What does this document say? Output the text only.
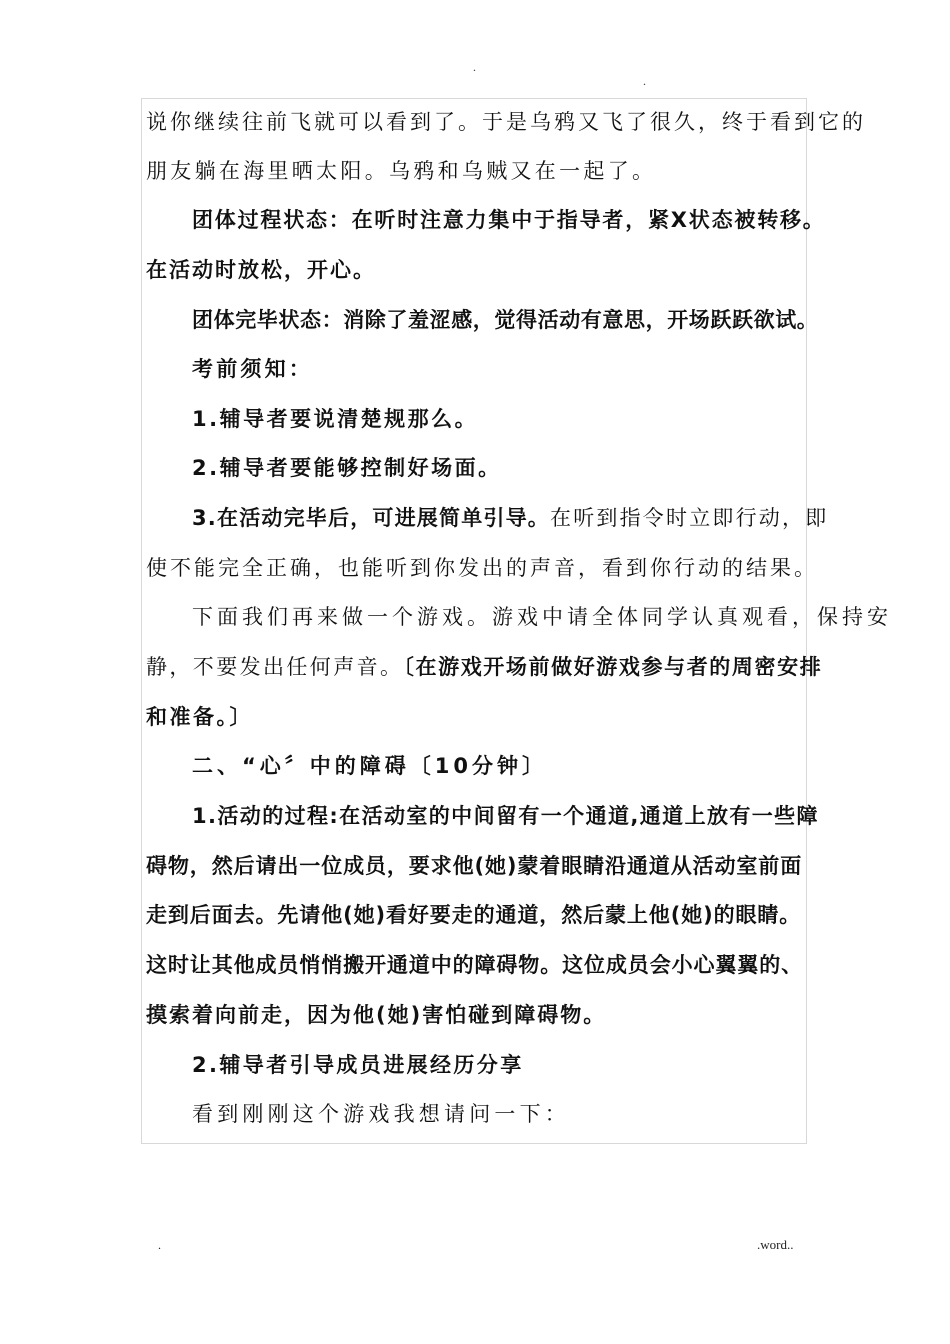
.
.
说你继续往前飞就可以看到了。于是乌鸦又飞了很久，终于看到它的
朋友躺在海里晒太阳。乌鸦和乌贼又在一起了。
团体过程状态：在听时注意力集中于指导者，紧X状态被转移。
在活动时放松，开心。
团体完毕状态：消除了羞涩感，觉得活动有意思，开场跃跃欲试。
考前须知：
1.辅导者要说清楚规那么。
2.辅导者要能够控制好场面。
3.在活动完毕后，可进展简单引导。在听到指令时立即行动，即
使不能完全正确，也能听到你发出的声音，看到你行动的结果。
下面我们再来做一个游戏。游戏中请全体同学认真观看，保持安
静，不要发出任何声音。〔在游戏开场前做好游戏参与者的周密安排
和准备。〕
二、“心〞中的障碍〔10分钟〕
1.活动的过程:在活动室的中间留有一个通道,通道上放有一些障
碍物，然后请出一位成员，要求他(她)蒙着眼睛沿通道从活动室前面
走到后面去。先请他(她)看好要走的通道，然后蒙上他(她)的眼睛。
这时让其他成员悄悄搬开通道中的障碍物。这位成员会小心翼翼的、
摸索着向前走，因为他(她)害怕碰到障碍物。
2.辅导者引导成员进展经历分享
看到刚刚这个游戏我想请问一下：
.	.word..
